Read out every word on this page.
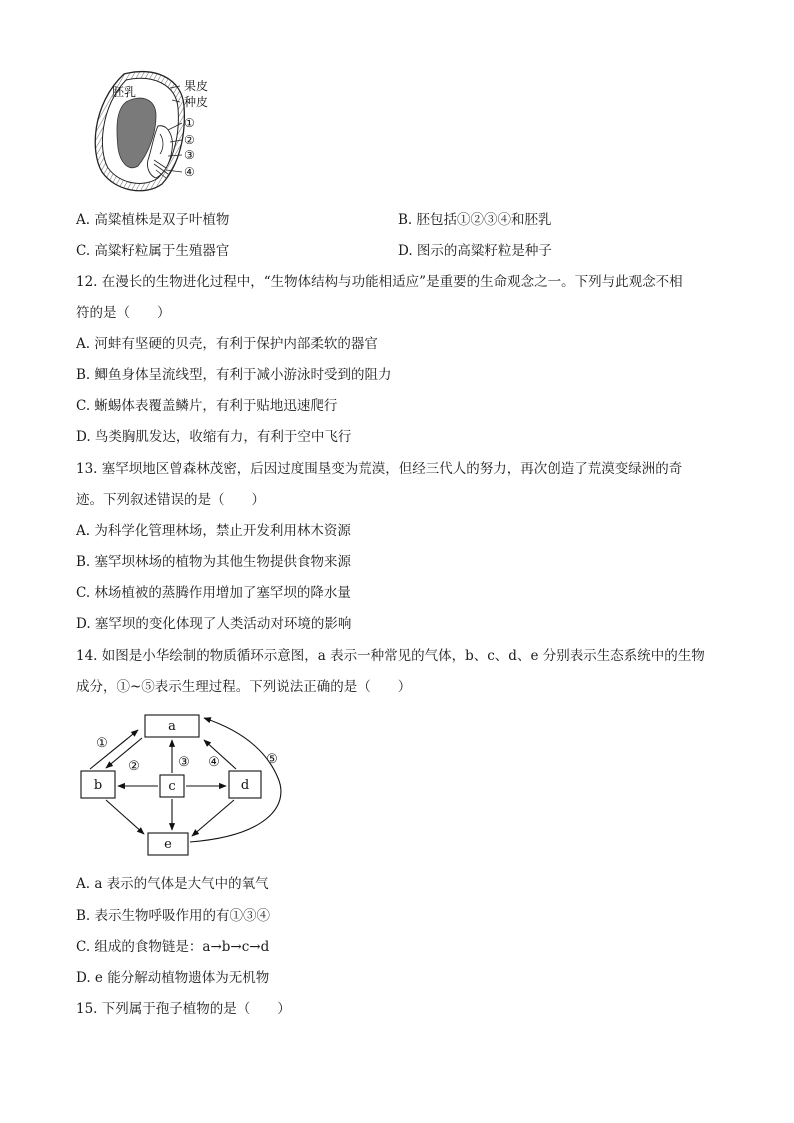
胚乳	果皮
种皮
①
②
③
④
A. 高粱植株是双子叶植物	B. 胚包括①②③④和胚乳
C. 高粱籽粒属于生殖器官	D. 图示的高粱籽粒是种子
12. 在漫长的生物进化过程中，“生物体结构与功能相适应”是重要的生命观念之一。下列与此观念不相
符的是（　　）
A. 河蚌有坚硬的贝壳，有利于保护内部柔软的器官
B. 鲫鱼身体呈流线型，有利于减小游泳时受到的阻力
C. 蜥蜴体表覆盖鳞片，有利于贴地迅速爬行
D. 鸟类胸肌发达，收缩有力，有利于空中飞行
13. 塞罕坝地区曾森林茂密，后因过度围垦变为荒漠，但经三代人的努力，再次创造了荒漠变绿洲的奇
迹。下列叙述错误的是（　　）
A. 为科学化管理林场，禁止开发利用林木资源
B. 塞罕坝林场的植物为其他生物提供食物来源
C. 林场植被的蒸腾作用增加了塞罕坝的降水量
D. 塞罕坝的变化体现了人类活动对环境的影响
14. 如图是小华绘制的物质循环示意图，a 表示一种常见的气体，b、c、d、e 分别表示生态系统中的生物
成分，①~⑤表示生理过程。下列说法正确的是（　　）
a
b	c	d
e
①
②	③ ④	⑤
A. a 表示的气体是大气中的氧气
B. 表示生物呼吸作用的有①③④
C. 组成的食物链是：a→b→c→d
D. e 能分解动植物遗体为无机物
15. 下列属于孢子植物的是（　　）
